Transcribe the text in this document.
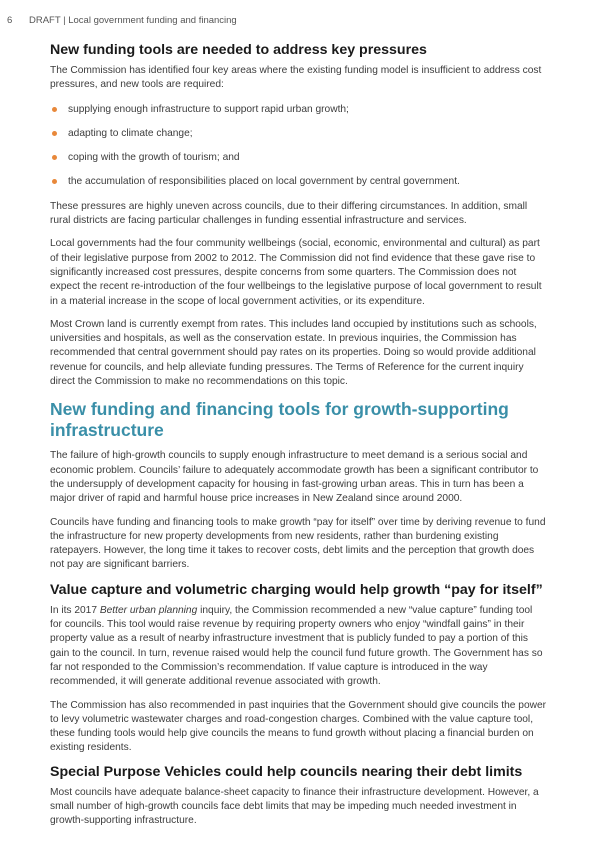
6 DRAFT | Local government funding and financing
New funding tools are needed to address key pressures

The Commission has identified four key areas where the existing funding model is insufficient to address cost pressures, and new tools are required:

supplying enough infrastructure to support rapid urban growth;
adapting to climate change;
coping with the growth of tourism; and
the accumulation of responsibilities placed on local government by central government.

These pressures are highly uneven across councils, due to their differing circumstances. In addition, small rural districts are facing particular challenges in funding essential infrastructure and services.

Local governments had the four community wellbeings (social, economic, environmental and cultural) as part of their legislative purpose from 2002 to 2012. The Commission did not find evidence that these gave rise to significantly increased cost pressures, despite concerns from some quarters. The Commission does not expect the recent re-introduction of the four wellbeings to the legislative purpose of local government to result in a material increase in the scope of local government activities, or its expenditure.

Most Crown land is currently exempt from rates. This includes land occupied by institutions such as schools, universities and hospitals, as well as the conservation estate. In previous inquiries, the Commission has recommended that central government should pay rates on its properties. Doing so would provide additional revenue for councils, and help alleviate funding pressures. The Terms of Reference for the current inquiry direct the Commission to make no recommendations on this topic.

New funding and financing tools for growth-supporting infrastructure

The failure of high-growth councils to supply enough infrastructure to meet demand is a serious social and economic problem. Councils’ failure to adequately accommodate growth has been a significant contributor to the undersupply of development capacity for housing in fast-growing urban areas. This in turn has been a major driver of rapid and harmful house price increases in New Zealand since around 2000.

Councils have funding and financing tools to make growth “pay for itself” over time by deriving revenue to fund the infrastructure for new property developments from new residents, rather than burdening existing ratepayers. However, the long time it takes to recover costs, debt limits and the perception that growth does not pay are significant barriers.

Value capture and volumetric charging would help growth “pay for itself”

In its 2017 Better urban planning inquiry, the Commission recommended a new “value capture” funding tool for councils. This tool would raise revenue by requiring property owners who enjoy “windfall gains” in their property value as a result of nearby infrastructure investment that is publicly funded to pay a portion of this gain to the council. In turn, revenue raised would help the council fund future growth. The Government has so far not responded to the Commission’s recommendation. If value capture is introduced in the way recommended, it will generate additional revenue associated with growth.

The Commission has also recommended in past inquiries that the Government should give councils the power to levy volumetric wastewater charges and road-congestion charges. Combined with the value capture tool, these funding tools would help give councils the means to fund growth without placing a financial burden on existing residents.

Special Purpose Vehicles could help councils nearing their debt limits

Most councils have adequate balance-sheet capacity to finance their infrastructure development. However, a small number of high-growth councils face debt limits that may be impeding much needed investment in growth-supporting infrastructure.
